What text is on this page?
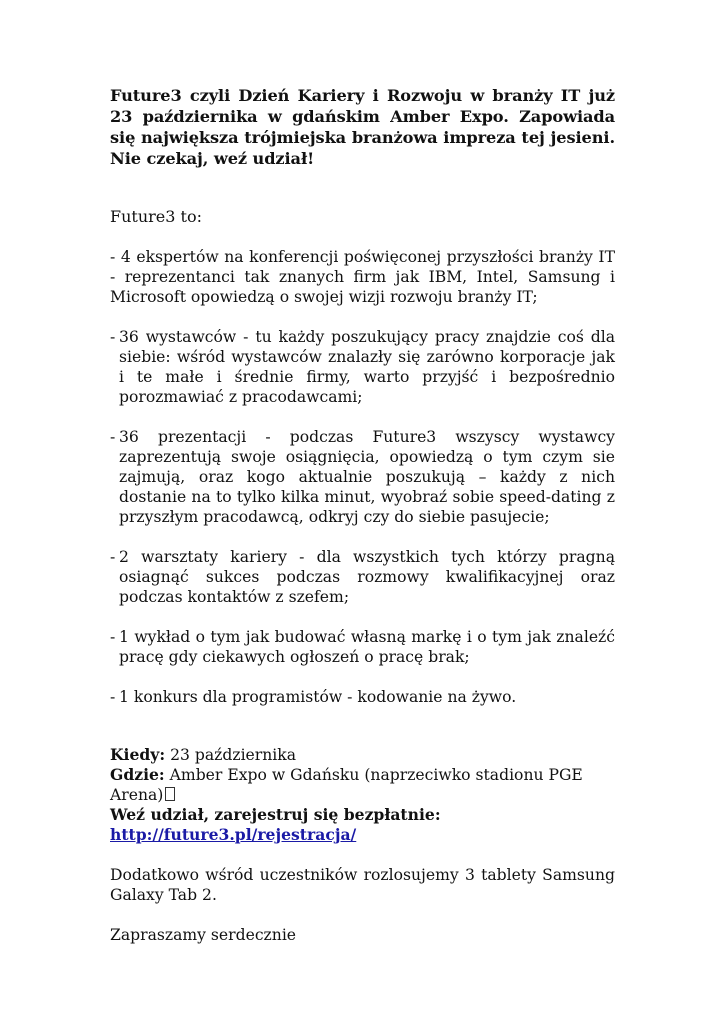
Future3 czyli Dzień Kariery i Rozwoju w branży IT już 23 października w gdańskim Amber Expo. Zapowiada się największa trójmiejska branżowa impreza tej jesieni. Nie czekaj, weź udział!

Future3 to:

- 4 ekspertów na konferencji poświęconej przyszłości branży IT - reprezentanci tak znanych firm jak IBM, Intel, Samsung i Microsoft opowiedzą o swojej wizji rozwoju branży IT;
- 36 wystawców - tu każdy poszukujący pracy znajdzie coś dla siebie: wśród wystawców znalazły się zarówno korporacje jak i te małe i średnie firmy, warto przyjść i bezpośrednio porozmawiać z pracodawcami;
- 36 prezentacji - podczas Future3 wszyscy wystawcy zaprezentują swoje osiągnięcia, opowiedzą o tym czym sie zajmują, oraz kogo aktualnie poszukują – każdy z nich dostanie na to tylko kilka minut, wyobraź sobie speed-dating z przyszłym pracodawcą, odkryj czy do siebie pasujecie;
- 2 warsztaty kariery - dla wszystkich tych którzy pragną osiagnąć sukces podczas rozmowy kwalifikacyjnej oraz podczas kontaktów z szefem;
- 1 wykład o tym jak budować własną markę i o tym jak znaleźć pracę gdy ciekawych ogłoszeń o pracę brak;
- 1 konkurs dla programistów - kodowanie na żywo.
Kiedy: 23 października
Gdzie: Amber Expo w Gdańsku (naprzeciwko stadionu PGE Arena)
Weź udział, zarejestruj się bezpłatnie:
http://future3.pl/rejestracja/

Dodatkowo wśród uczestników rozlosujemy 3 tablety Samsung Galaxy Tab 2.

Zapraszamy serdecznie
